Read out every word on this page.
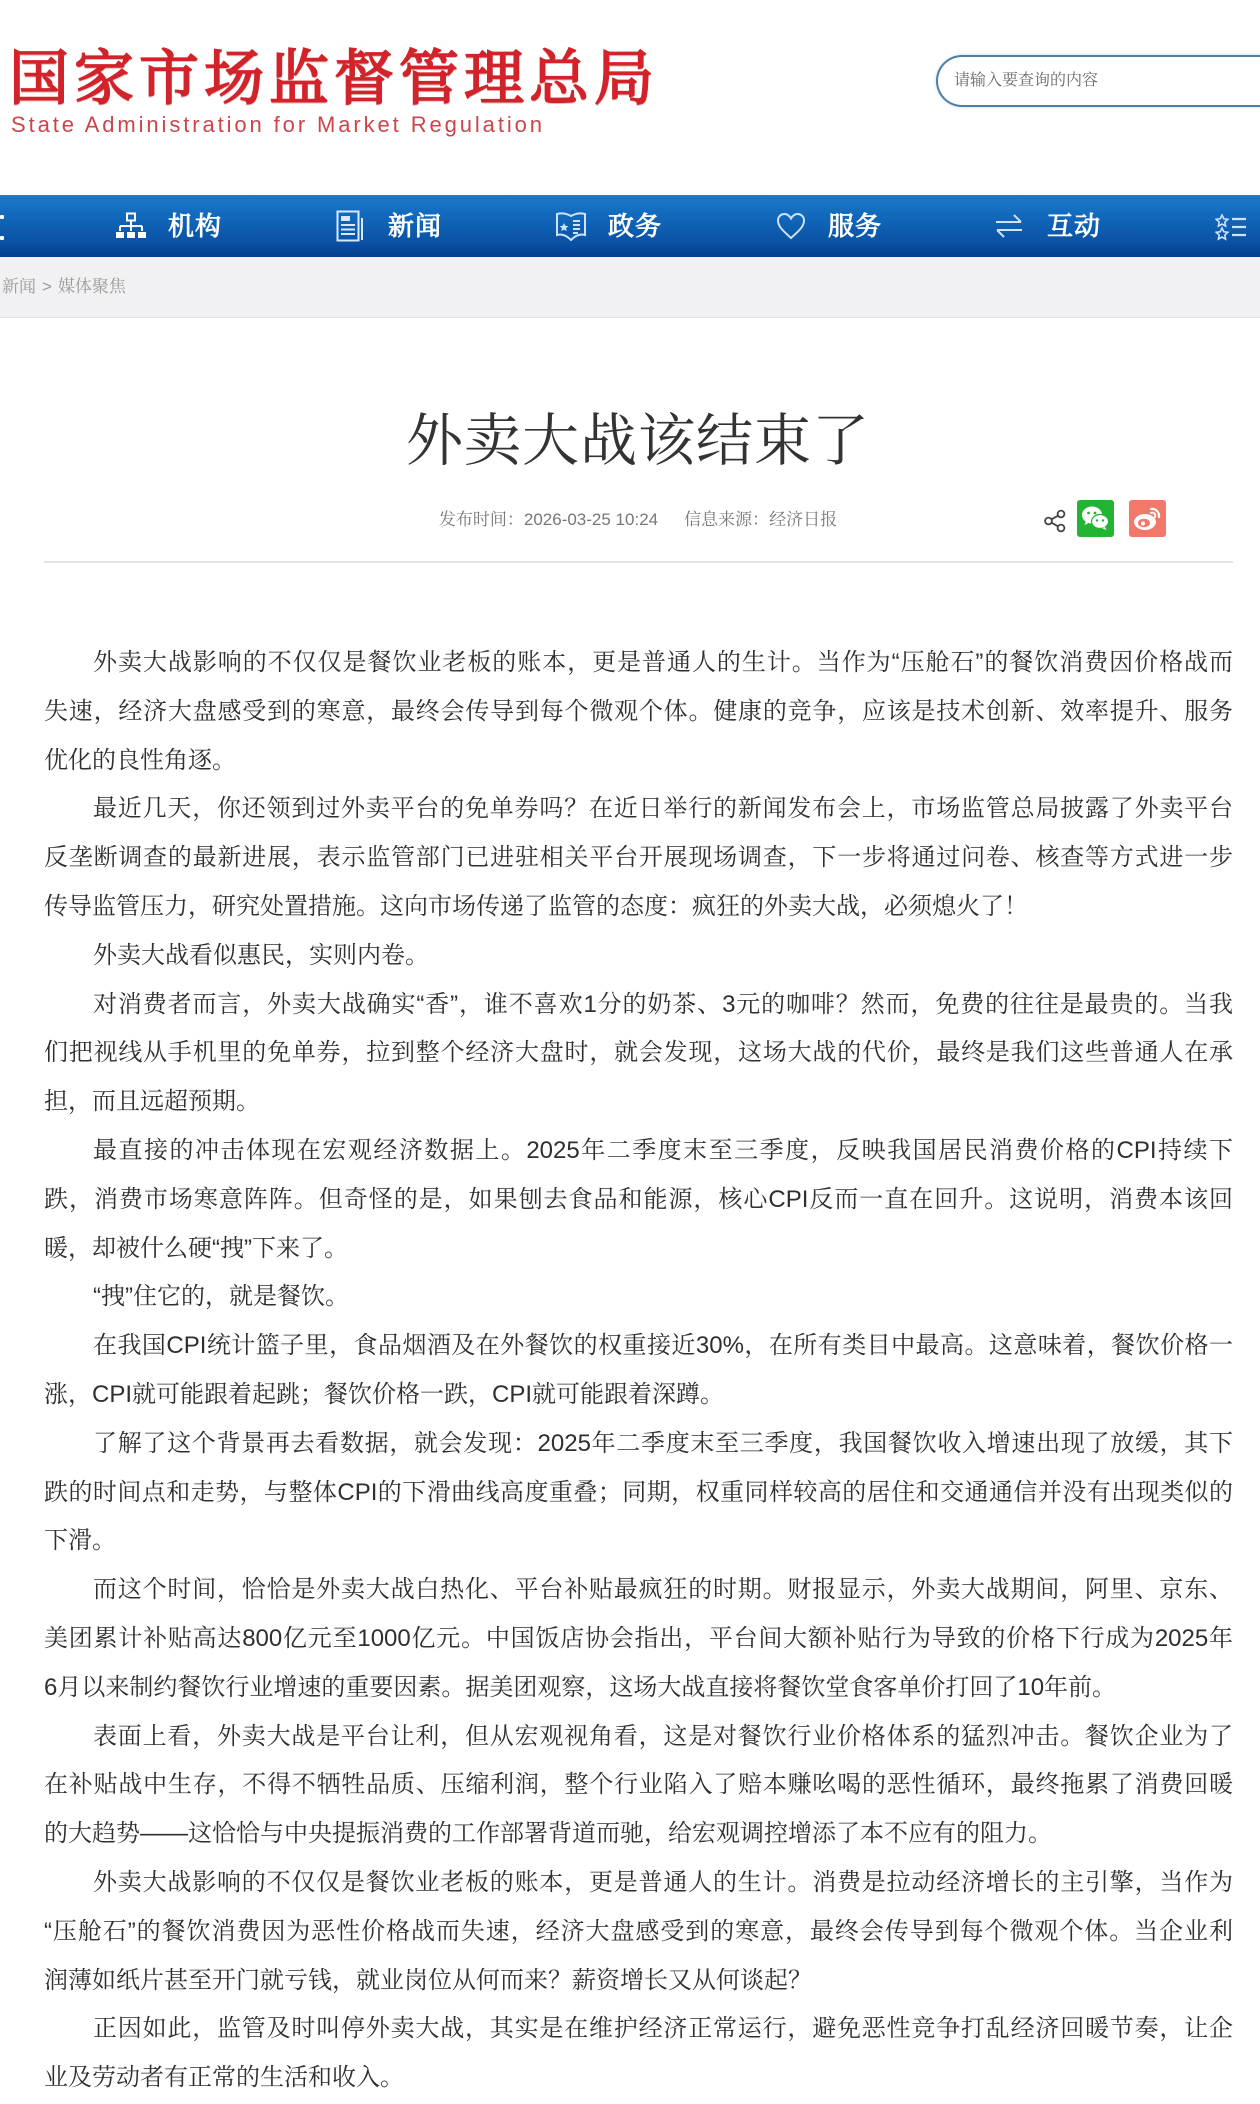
国家市场监督管理总局
State Administration for Market Regulation
请输入要查询的内容
机构	新闻	政务	服务	互动
新闻 > 媒体聚焦
外卖大战该结束了
发布时间：2026-03-25 10:24 信息来源：经济日报
外卖大战影响的不仅仅是餐饮业老板的账本，更是普通人的生计。当作为“压舱石”的餐饮消费因价格战而
失速，经济大盘感受到的寒意，最终会传导到每个微观个体。健康的竞争，应该是技术创新、效率提升、服务
优化的良性角逐。
最近几天，你还领到过外卖平台的免单券吗？在近日举行的新闻发布会上，市场监管总局披露了外卖平台
反垄断调查的最新进展，表示监管部门已进驻相关平台开展现场调查，下一步将通过问卷、核查等方式进一步
传导监管压力，研究处置措施。这向市场传递了监管的态度：疯狂的外卖大战，必须熄火了！
外卖大战看似惠民，实则内卷。
对消费者而言，外卖大战确实“香”，谁不喜欢1分的奶茶、3元的咖啡？然而，免费的往往是最贵的。当我
们把视线从手机里的免单券，拉到整个经济大盘时，就会发现，这场大战的代价，最终是我们这些普通人在承
担，而且远超预期。
最直接的冲击体现在宏观经济数据上。2025年二季度末至三季度，反映我国居民消费价格的CPI持续下
跌，消费市场寒意阵阵。但奇怪的是，如果刨去食品和能源，核心CPI反而一直在回升。这说明，消费本该回
暖，却被什么硬“拽”下来了。
“拽”住它的，就是餐饮。
在我国CPI统计篮子里，食品烟酒及在外餐饮的权重接近30%，在所有类目中最高。这意味着，餐饮价格一
涨，CPI就可能跟着起跳；餐饮价格一跌，CPI就可能跟着深蹲。
了解了这个背景再去看数据，就会发现：2025年二季度末至三季度，我国餐饮收入增速出现了放缓，其下
跌的时间点和走势，与整体CPI的下滑曲线高度重叠；同期，权重同样较高的居住和交通通信并没有出现类似的
下滑。
而这个时间，恰恰是外卖大战白热化、平台补贴最疯狂的时期。财报显示，外卖大战期间，阿里、京东、
美团累计补贴高达800亿元至1000亿元。中国饭店协会指出，平台间大额补贴行为导致的价格下行成为2025年
6月以来制约餐饮行业增速的重要因素。据美团观察，这场大战直接将餐饮堂食客单价打回了10年前。
表面上看，外卖大战是平台让利，但从宏观视角看，这是对餐饮行业价格体系的猛烈冲击。餐饮企业为了
在补贴战中生存，不得不牺牲品质、压缩利润，整个行业陷入了赔本赚吆喝的恶性循环，最终拖累了消费回暖
的大趋势——这恰恰与中央提振消费的工作部署背道而驰，给宏观调控增添了本不应有的阻力。
外卖大战影响的不仅仅是餐饮业老板的账本，更是普通人的生计。消费是拉动经济增长的主引擎，当作为
“压舱石”的餐饮消费因为恶性价格战而失速，经济大盘感受到的寒意，最终会传导到每个微观个体。当企业利
润薄如纸片甚至开门就亏钱，就业岗位从何而来？薪资增长又从何谈起？
正因如此，监管及时叫停外卖大战，其实是在维护经济正常运行，避免恶性竞争打乱经济回暖节奏，让企
业及劳动者有正常的生活和收入。
